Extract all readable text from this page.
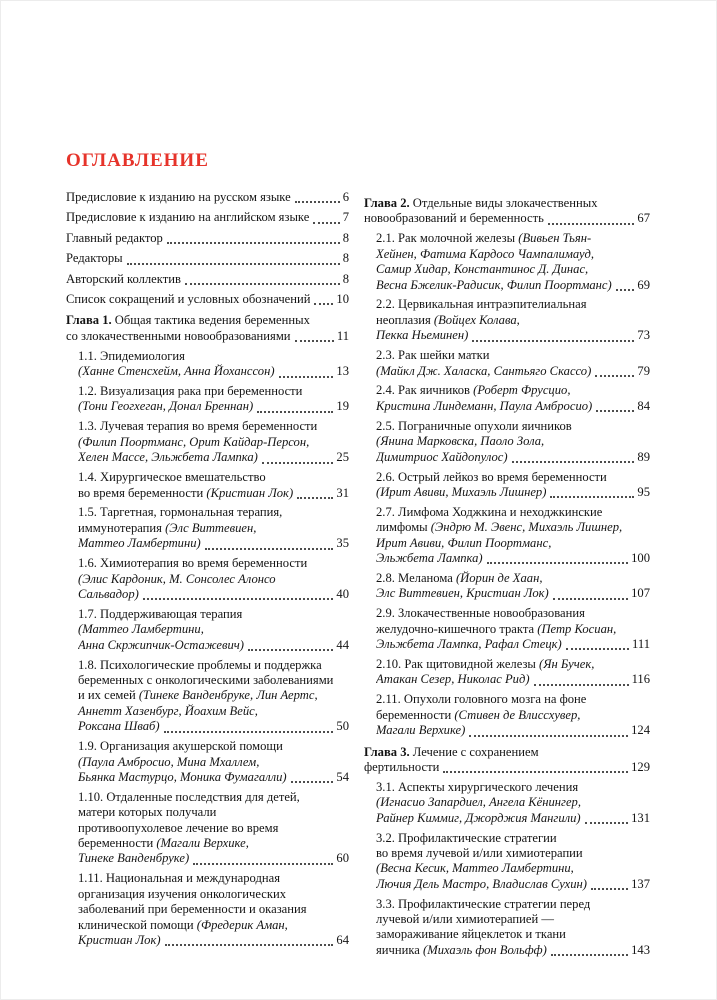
ОГЛАВЛЕНИЕ
Предисловие к изданию на русском языке	6
Предисловие к изданию на английском языке	7
Главный редактор	8
Редакторы	8
Авторский коллектив	8
Список сокращений и условных обозначений 10
Глава 1. Общая тактика ведения беременных
со злокачественными новообразованиями	11
1.1. Эпидемиология
(Ханне Стенсхейм, Анна Йоханссон)	13
1.2. Визуализация рака при беременности
(Тони Геогхеган, Донал Бреннан)	19
1.3. Лучевая терапия во время беременности
(Филип Поортманс, Орит Кайдар-Персон,
Хелен Массе, Эльжбета Лампка)	25
1.4. Хирургическое вмешательство
во время беременности (Кристиан Лок)	31
1.5. Таргетная, гормональная терапия,
иммунотерапия (Элс Виттевиен,
Маттео Ламбертини)	35
1.6. Химиотерапия во время беременности
(Элис Кардоник, М. Сонсолес Алонсо
Сальвадор)	40
1.7. Поддерживающая терапия
(Маттео Ламбертини,
Анна Скржипчик-Остажевич)	44
1.8. Психологические проблемы и поддержка
беременных с онкологическими заболеваниями
и их семей (Тинеке Ванденбруке, Лин Аертс,
Аннетт Хазенбург, Йоахим Вейс,
Роксана Шваб)	50
1.9. Организация акушерской помощи
(Паула Амбросио, Мина Мхаллем,
Бьянка Мастурцо, Моника Фумагалли)	54
1.10. Отдаленные последствия для детей,
матери которых получали
противоопухолевое лечение во время
беременности (Магали Верхике,
Тинеке Ванденбруке)	60
1.11. Национальная и международная
организация изучения онкологических
заболеваний при беременности и оказания
клинической помощи (Фредерик Аман,
Кристиан Лок)	64
Глава 2. Отдельные виды злокачественных
новообразований и беременность	67
2.1. Рак молочной железы (Вивьен Тьян-
Хейнен, Фатима Кардосо Чампалимауд,
Самир Хидар, Константинос Д. Динас,
Весна Бжелик-Радисик, Филип Поортманс) 69
2.2. Цервикальная интраэпителиальная
неоплазия (Войцех Колава,
Пекка Ньеминен)	73
2.3. Рак шейки матки
(Майкл Дж. Халаска, Сантьяго Скассо)	79
2.4. Рак яичников (Роберт Фрусцио,
Кристина Линдеманн, Паула Амбросио)	84
2.5. Пограничные опухоли яичников
(Янина Марковска, Паоло Зола,
Димитриос Хайдопулос)	89
2.6. Острый лейкоз во время беременности
(Ирит Авиви, Михаэль Лишнер)	95
2.7. Лимфома Ходжкина и неходжкинские
лимфомы (Эндрю М. Эвенс, Михаэль Лишнер,
Ирит Авиви, Филип Поортманс,
Эльжбета Лампка)	100
2.8. Меланома (Йорин де Хаан,
Элс Виттевиен, Кристиан Лок)	107
2.9. Злокачественные новообразования
желудочно-кишечного тракта (Петр Косиан,
Эльжбета Лампка, Рафал Стецк)	111
2.10. Рак щитовидной железы (Ян Бучек,
Атакан Сезер, Николас Рид)	116
2.11. Опухоли головного мозга на фоне
беременности (Стивен де Влиссхувер,
Магали Верхике)	124
Глава 3. Лечение с сохранением
фертильности	129
3.1. Аспекты хирургического лечения
(Игнасио Запардиел, Ангела Кёнингер,
Райнер Киммиг, Джорджия Мангили)	131
3.2. Профилактические стратегии
во время лучевой и/или химиотерапии
(Весна Кесик, Маттео Ламбертини,
Лючия Дель Мастро, Владислав Сухин)	137
3.3. Профилактические стратегии перед
лучевой и/или химиотерапией —
замораживание яйцеклеток и ткани
яичника (Михаэль фон Вольфф)	143
